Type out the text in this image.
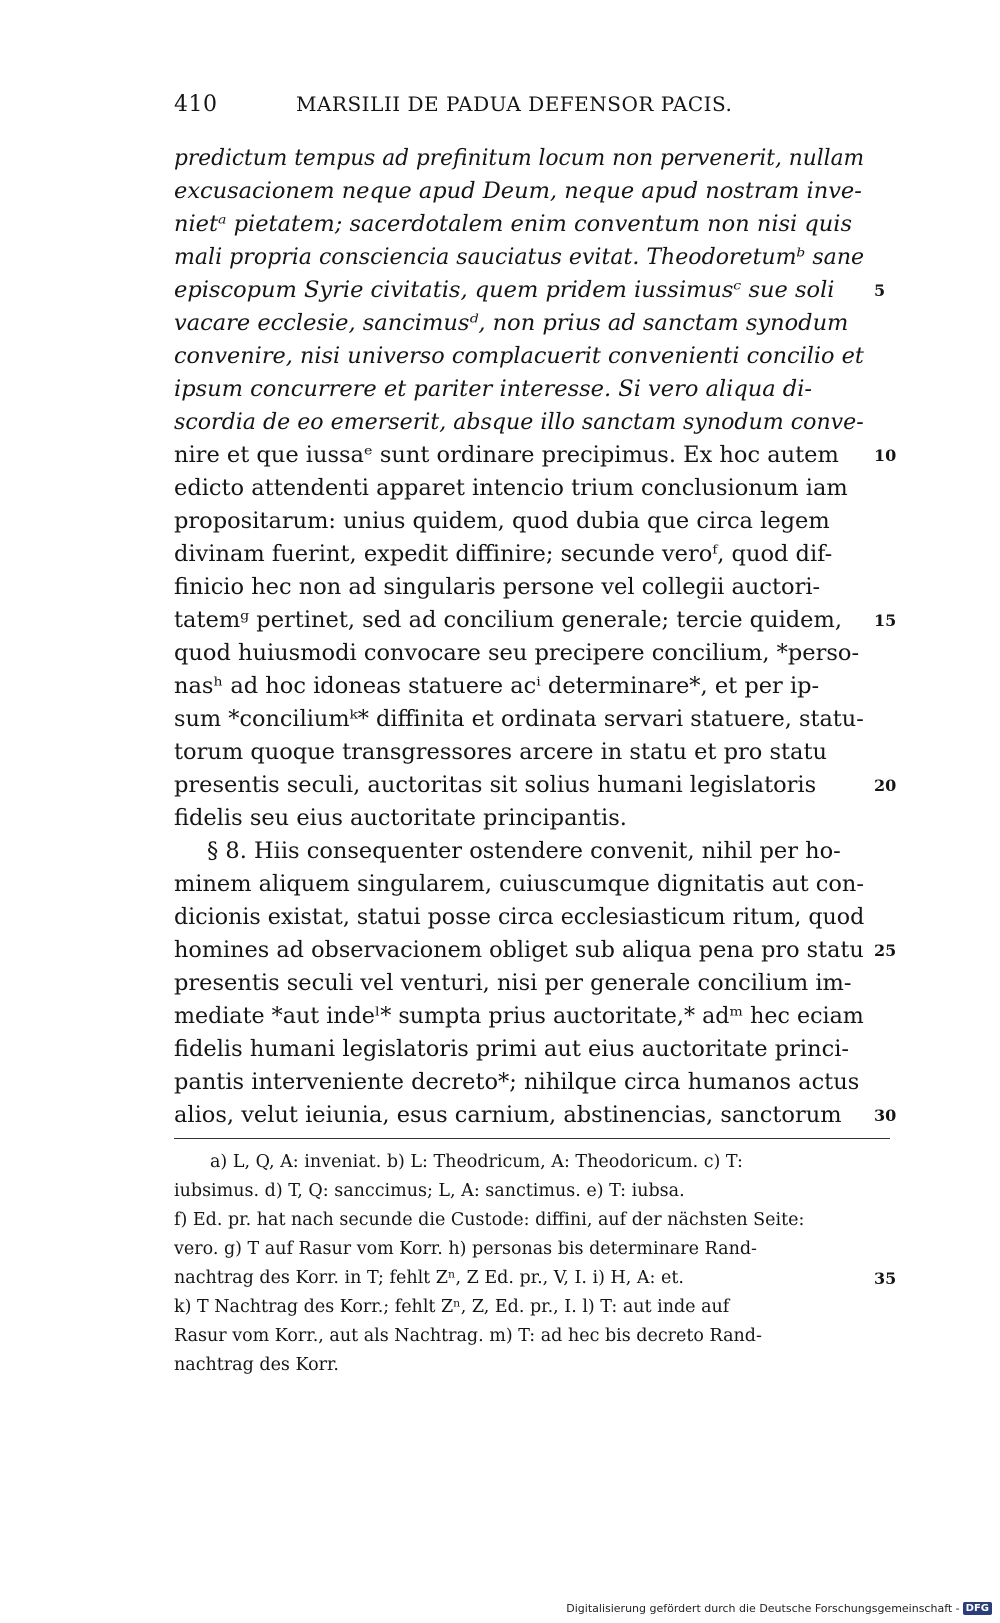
410	MARSILII DE PADUA DEFENSOR PACIS.
predictum tempus ad prefinitum locum non pervenerit, nullam
excusacionem neque apud Deum, neque apud nostram inve-
nietᵃ pietatem; sacerdotalem enim conventum non nisi quis
mali propria consciencia sauciatus evitat. Theodoretumᵇ sane
episcopum Syrie civitatis, quem pridem iussimusᶜ sue soli 5
vacare ecclesie, sancimusᵈ, non prius ad sanctam synodum
convenire, nisi universo complacuerit convenienti concilio et
ipsum concurrere et pariter interesse. Si vero aliqua di-
scordia de eo emerserit, absque illo sanctam synodum conve-
nire et que iussaᵉ sunt ordinare precipimus. Ex hoc autem 10
edicto attendenti apparet intencio trium conclusionum iam
propositarum: unius quidem, quod dubia que circa legem
divinam fuerint, expedit diffinire; secunde veroᶠ, quod dif-
finicio hec non ad singularis persone vel collegii auctori-
tatemᵍ pertinet, sed ad concilium generale; tercie quidem, 15
quod huiusmodi convocare seu precipere concilium, *perso-
nasʰ ad hoc idoneas statuere acⁱ determinare*, et per ip-
sum *conciliumᵏ* diffinita et ordinata servari statuere, statu-
torum quoque transgressores arcere in statu et pro statu
presentis seculi, auctoritas sit solius humani legislatoris	20
fidelis seu eius auctoritate principantis.
§ 8. Hiis consequenter ostendere convenit, nihil per ho-
minem aliquem singularem, cuiuscumque dignitatis aut con-
dicionis existat, statui posse circa ecclesiasticum ritum, quod
homines ad observacionem obliget sub aliqua pena pro statu 25
presentis seculi vel venturi, nisi per generale concilium im-
mediate *aut indeˡ* sumpta prius auctoritate,* adᵐ hec eciam
fidelis humani legislatoris primi aut eius auctoritate princi-
pantis interveniente decreto*; nihilque circa humanos actus
alios, velut ieiunia, esus carnium, abstinencias, sanctorum 30
a) L, Q, A: inveniat. b) L: Theodricum, A: Theodoricum. c) T:
iubsimus. d) T, Q: sanccimus; L, A: sanctimus. e) T: iubsa.
f) Ed. pr. hat nach secunde die Custode: diffini, auf der nächsten Seite:
vero. g) T auf Rasur vom Korr. h) personas bis determinare Rand-
nachtrag des Korr. in T; fehlt Zⁿ, Z Ed. pr., V, I. i) H, A: et.	35
k) T Nachtrag des Korr.; fehlt Zⁿ, Z, Ed. pr., I. l) T: aut inde auf
Rasur vom Korr., aut als Nachtrag. m) T: ad hec bis decreto Rand-
nachtrag des Korr.
Digitalisierung gefördert durch die Deutsche Forschungsgemeinschaft - DFG
